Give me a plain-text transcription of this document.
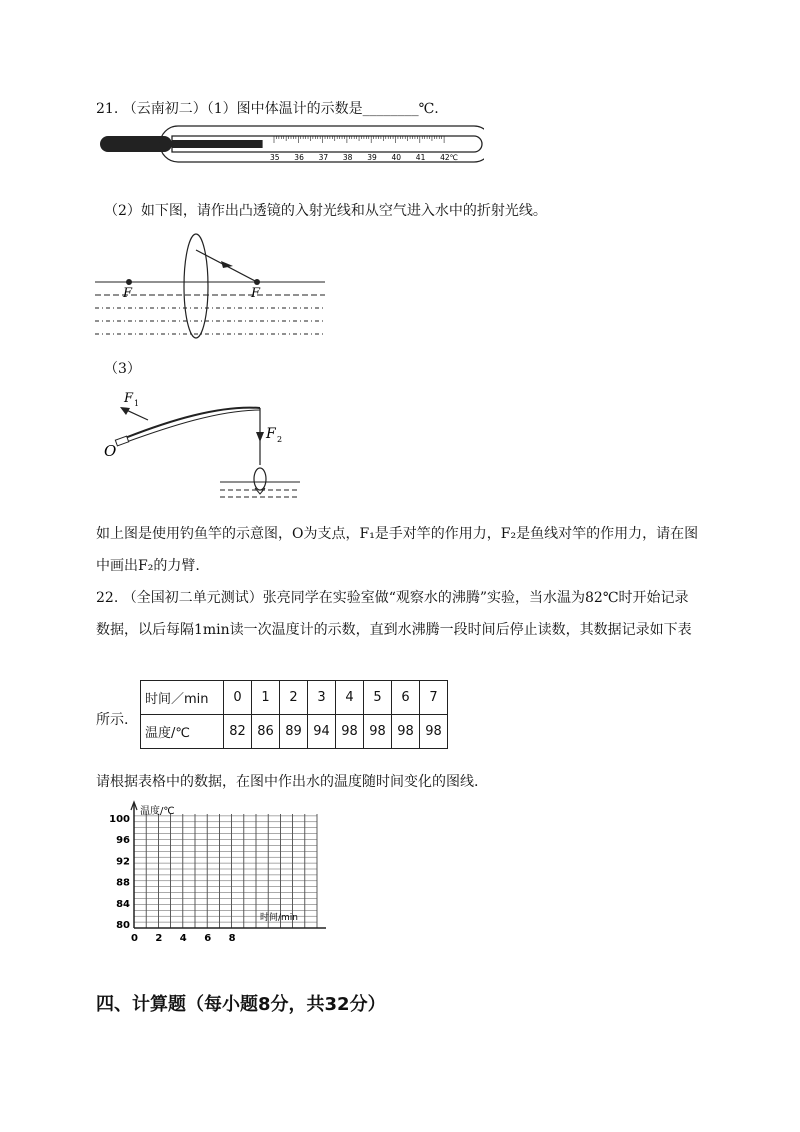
21. （云南初二）（1）图中体温计的示数是________℃.
35 36 37 38 39 40 41 42℃
（2）如下图，请作出凸透镜的入射光线和从空气进入水中的折射光线。
F	F
（3）
F 1
F 2
O
如上图是使用钓鱼竿的示意图，O为支点，F₁是手对竿的作用力，F₂是鱼线对竿的作用力，请在图
中画出F₂的力臂.
22. （全国初二单元测试）张亮同学在实验室做“观察水的沸腾”实验，当水温为82℃时开始记录
数据，以后每隔1min读一次温度计的示数，直到水沸腾一段时间后停止读数，其数据记录如下表
所示.
时间／min	0	1	2	3	4	5	6	7
温度/℃	82	86	89	94	98	98	98	98
请根据表格中的数据，在图中作出水的温度随时间变化的图线.
温度/℃
时间/min
100
96
92
88
84
80
0 2 4 6 8
四、计算题（每小题8分，共32分）
